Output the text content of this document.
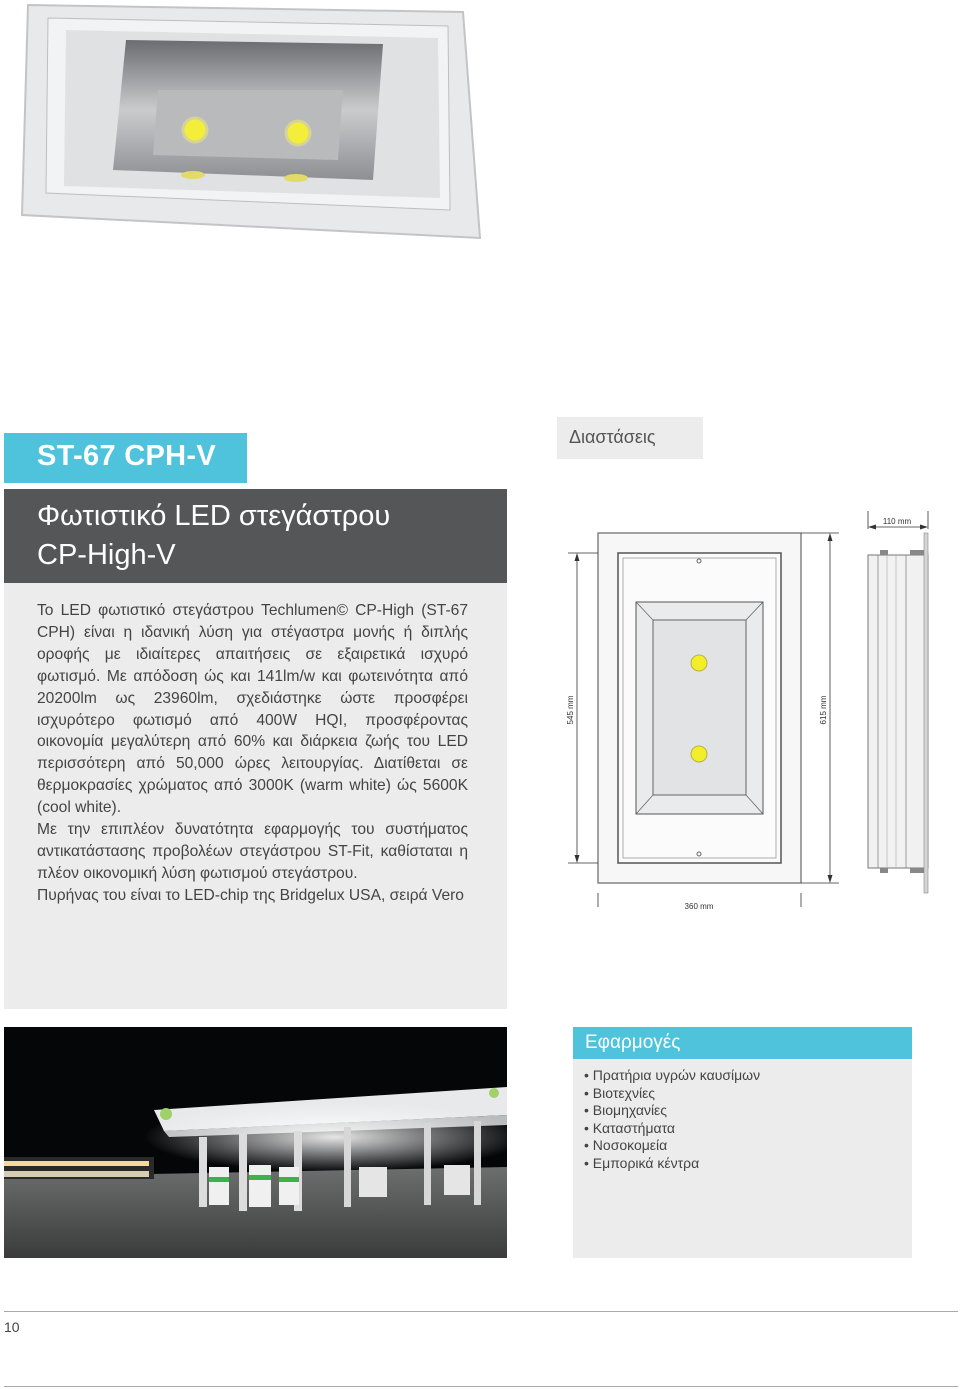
ST-67 CPH-V
Φωτιστικό LED στεγάστρου
CP-High-V

Το LED φωτιστικό στεγάστρου Techlumen© CP-High (ST-67 CPH) είναι η ιδανική λύση για στέγαστρα μονής ή διπλής οροφής με ιδιαίτερες απαιτήσεις σε εξαιρετικά ισχυρό φωτισμό. Με απόδοση ώς και 141lm/w και φωτεινότητα από 20200lm ως 23960lm, σχεδιάστηκε ώστε προσφέρει ισχυρότερο φωτισμό από 400W HQI, προσφέροντας οικονομία μεγαλύτερη από 60% και διάρκεια ζωής του LED περισσότερη από 50,000 ώρες λειτουργίας. Διατίθεται σε θερμοκρασίες χρώματος από 3000K (warm white) ώς 5600K (cool white).

Με την επιπλέον δυνατότητα εφαρμογής του συστήματος αντικατάστασης προβολέων στεγάστρου ST-Fit, καθίσταται η πλέον οικονομική λύση φωτισμού στεγάστρου.

Πυρήνας του είναι το LED-chip της Bridgelux USA, σειρά Vero

Διαστάσεις
545 mm	615 mm
360 mm
110 mm
Εφαρμογές
• Πρατήρια υγρών καυσίμων
• Βιοτεχνίες
• Βιομηχανίες
• Καταστήματα
• Νοσοκομεία
• Εμπορικά κέντρα
10
